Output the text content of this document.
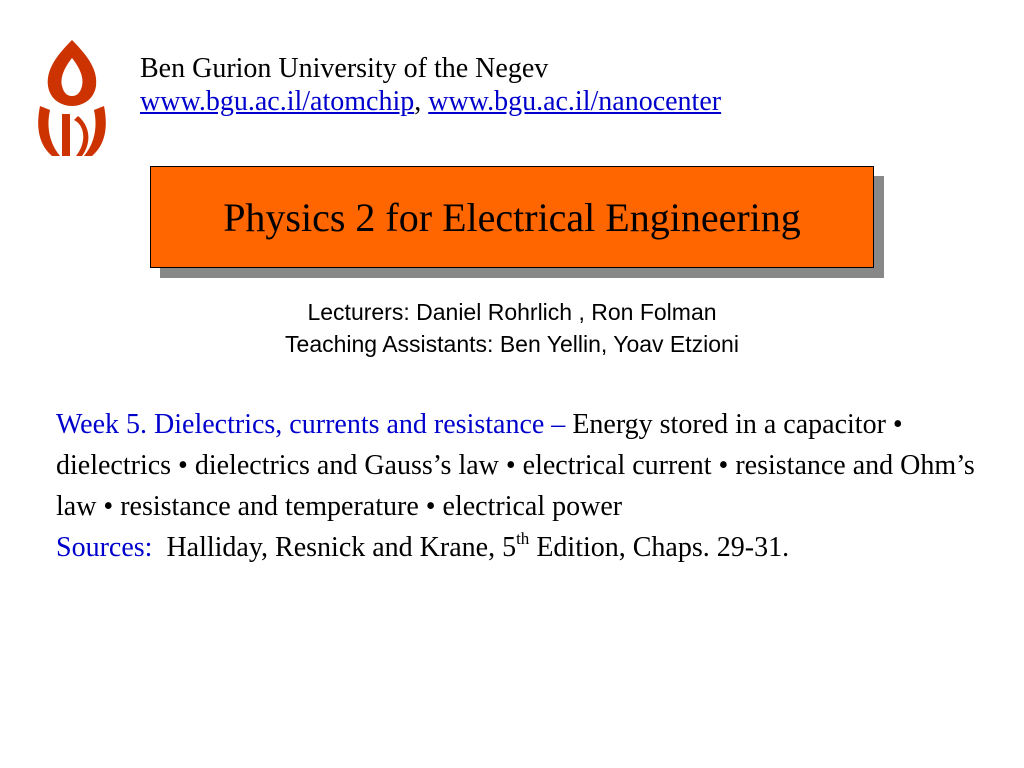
Ben Gurion University of the Negev
www.bgu.ac.il/atomchip, www.bgu.ac.il/nanocenter
Physics 2 for Electrical Engineering
Lecturers: Daniel Rohrlich , Ron Folman
Teaching Assistants: Ben Yellin, Yoav Etzioni
Week 5. Dielectrics, currents and resistance – Energy stored in a capacitor • dielectrics • dielectrics and Gauss’s law • electrical current • resistance and Ohm’s law • resistance and temperature • electrical power
Sources:  Halliday, Resnick and Krane, 5th Edition, Chaps. 29-31.
